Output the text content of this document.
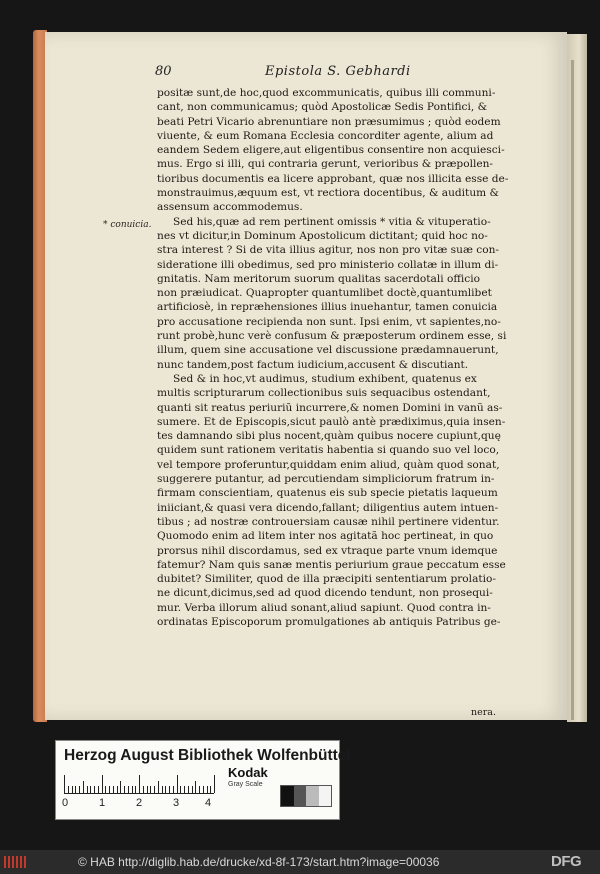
80	Epistola S. Gebhardi
* conuicia.
positæ sunt,de hoc,quod excommunicatis, quibus illi communi-
cant, non communicamus; quòd Apostolicæ Sedis Pontifici, &
beati Petri Vicario abrenuntiare non præsumimus ; quòd eodem
viuente, & eum Romana Ecclesia concorditer agente, alium ad
eandem Sedem eligere,aut eligentibus consentire non acquiesci-
mus. Ergo si illi, qui contraria gerunt, verioribus & præpollen-
tioribus documentis ea licere approbant, quæ nos illicita esse de-
monstrauimus,æquum est, vt rectiora docentibus, & auditum &
assensum accommodemus.
Sed his,quæ ad rem pertinent omissis * vitia & vituperatio-
nes vt dicitur,in Dominum Apostolicum dictitant; quid hoc no-
stra interest ? Si de vita illius agitur, nos non pro vitæ suæ con-
sideratione illi obedimus, sed pro ministerio collatæ in illum di-
gnitatis. Nam meritorum suorum qualitas sacerdotali officio
non præiudicat. Quapropter quantumlibet doctè,quantumlibet
artificiosè, in repræhensiones illius inuehantur, tamen conuicia
pro accusatione recipienda non sunt. Ipsi enim, vt sapientes,no-
runt probè,hunc verè confusum & præposterum ordinem esse, si
illum, quem sine accusatione vel discussione prædamnauerunt,
nunc tandem,post factum iudicium,accusent & discutiant.
Sed & in hoc,vt audimus, studium exhibent, quatenus ex
multis scripturarum collectionibus suis sequacibus ostendant,
quanti sit reatus periuriũ incurrere,& nomen Domini in vanũ as-
sumere. Et de Episcopis,sicut paulò antè prædiximus,quia insen-
tes damnando sibi plus nocent,quàm quibus nocere cupiunt,quę
quidem sunt rationem veritatis habentia si quando suo vel loco,
vel tempore proferuntur,quiddam enim aliud, quàm quod sonat,
suggerere putantur, ad percutiendam simpliciorum fratrum in-
firmam conscientiam, quatenus eis sub specie pietatis laqueum
iniiciant,& quasi vera dicendo,fallant; diligentius autem intuen-
tibus ; ad nostræ controuersiam causæ nihil pertinere videntur.
Quomodo enim ad litem inter nos agitatã hoc pertineat, in quo
prorsus nihil discordamus, sed ex vtraque parte vnum idemque
fatemur? Nam quis sanæ mentis periurium graue peccatum esse
dubitet? Similiter, quod de illa præcipiti sententiarum prolatio-
ne dicunt,dicimus,sed ad quod dicendo tendunt, non prosequi-
mur. Verba illorum aliud sonant,aliud sapiunt. Quod contra in-
ordinatas Episcoporum promulgationes ab antiquis Patribus ge-
nera.
Herzog August Bibliothek Wolfenbüttel
0	1	2	3 4
Kodak
Gray Scale
© HAB http://diglib.hab.de/drucke/xd-8f-173/start.htm?image=00036	DFG
